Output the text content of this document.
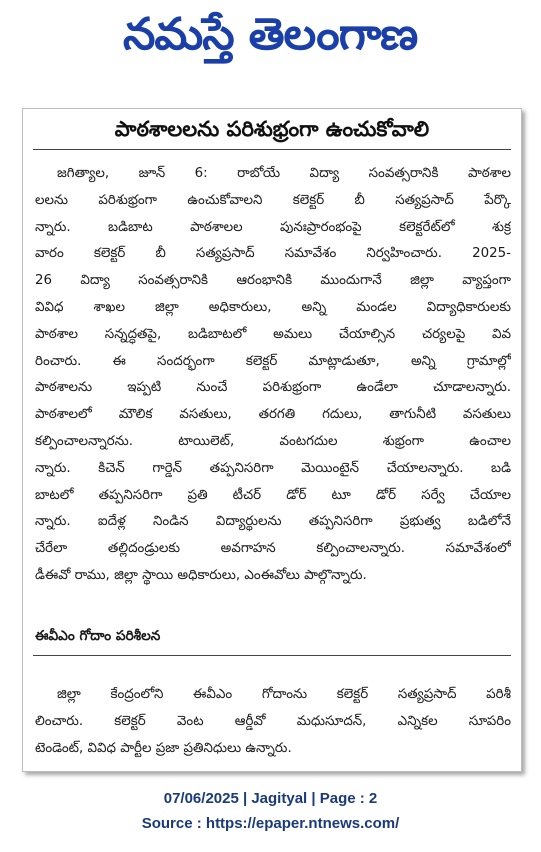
నమస్తే తెలంగాణ
పాఠశాలలను పరిశుభ్రంగా ఉంచుకోవాలి
జగిత్యాల, జూన్ 6: రాబోయే విద్యా సంవత్సరానికి పాఠశాల
లలను పరిశుభ్రంగా ఉంచుకోవాలని కలెక్టర్ బీ సత్యప్రసాద్ పేర్కొ
న్నారు. బడిబాట పాఠశాలల పునఃప్రారంభంపై కలెక్టరేట్‌లో శుక్ర
వారం కలెక్టర్ బీ సత్యప్రసాద్ సమావేశం నిర్వహించారు. 2025-
26 విద్యా సంవత్సరానికి ఆరంభానికి ముందుగానే జిల్లా వ్యాప్తంగా
వివిధ శాఖల జిల్లా అధికారులు, అన్ని మండల విద్యాధికారులకు
పాఠశాల సన్నద్ధతపై, బడిబాటలో అమలు చేయాల్సిన చర్యలపై వివ
రించారు. ఈ సందర్భంగా కలెక్టర్ మాట్లాడుతూ, అన్ని గ్రామాల్లో
పాఠశాలను ఇప్పటి నుంచే పరిశుభ్రంగా ఉండేలా చూడాలన్నారు.
పాఠశాలలో మౌలిక వసతులు, తరగతి గదులు, తాగునీటి వసతులు
కల్పించాలన్నారను. టాయిలెట్, వంటగదుల శుభ్రంగా ఉంచాల
న్నారు. కిచెన్ గార్డెన్ తప్పనిసరిగా మెయింటైన్ చేయాలన్నారు. బడి
బాటలో తప్పనిసరిగా ప్రతి టీచర్ డోర్ టూ డోర్ సర్వే చేయాల
న్నారు. ఐదేళ్ల నిండిన విద్యార్థులను తప్పనిసరిగా ప్రభుత్వ బడిలోనే
చేరేలా తల్లిదండ్రులకు అవగాహన కల్పించాలన్నారు. సమావేశంలో
డీఈవో రాము, జిల్లా స్థాయి అధికారులు, ఎంఈవోలు పాల్గొన్నారు.
ఈవీఎం గోదాం పరిశీలన
జిల్లా కేంద్రంలోని ఈవీఎం గోదాంను కలెక్టర్ సత్యప్రసాద్ పరిశీ
లించారు. కలెక్టర్ వెంట ఆర్డీవో మధుసూదన్, ఎన్నికల సూపరిం
టెండెంట్, వివిధ పార్టీల ప్రజా ప్రతినిధులు ఉన్నారు.
07/06/2025 | Jagityal | Page : 2
Source : https://epaper.ntnews.com/
